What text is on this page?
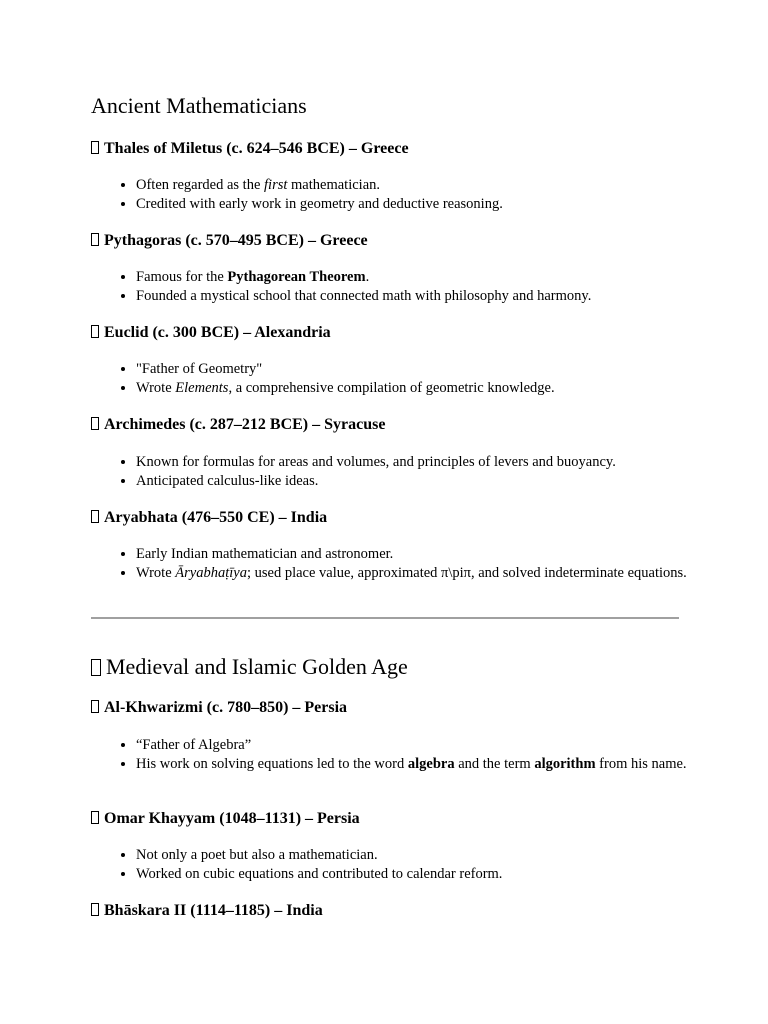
Ancient Mathematicians
Thales of Miletus (c. 624–546 BCE) – Greece
• Often regarded as the first mathematician.
• Credited with early work in geometry and deductive reasoning.
Pythagoras (c. 570–495 BCE) – Greece
• Famous for the Pythagorean Theorem.
• Founded a mystical school that connected math with philosophy and harmony.
Euclid (c. 300 BCE) – Alexandria
• "Father of Geometry"
• Wrote Elements, a comprehensive compilation of geometric knowledge.
Archimedes (c. 287–212 BCE) – Syracuse
• Known for formulas for areas and volumes, and principles of levers and buoyancy.
• Anticipated calculus-like ideas.
Aryabhata (476–550 CE) – India
• Early Indian mathematician and astronomer.
• Wrote Āryabhaṭīya; used place value, approximated π\piπ, and solved indeterminate equations.
Medieval and Islamic Golden Age
Al-Khwarizmi (c. 780–850) – Persia
• “Father of Algebra”
• His work on solving equations led to the word algebra and the term algorithm from his name.
Omar Khayyam (1048–1131) – Persia
• Not only a poet but also a mathematician.
• Worked on cubic equations and contributed to calendar reform.
Bhāskara II (1114–1185) – India
